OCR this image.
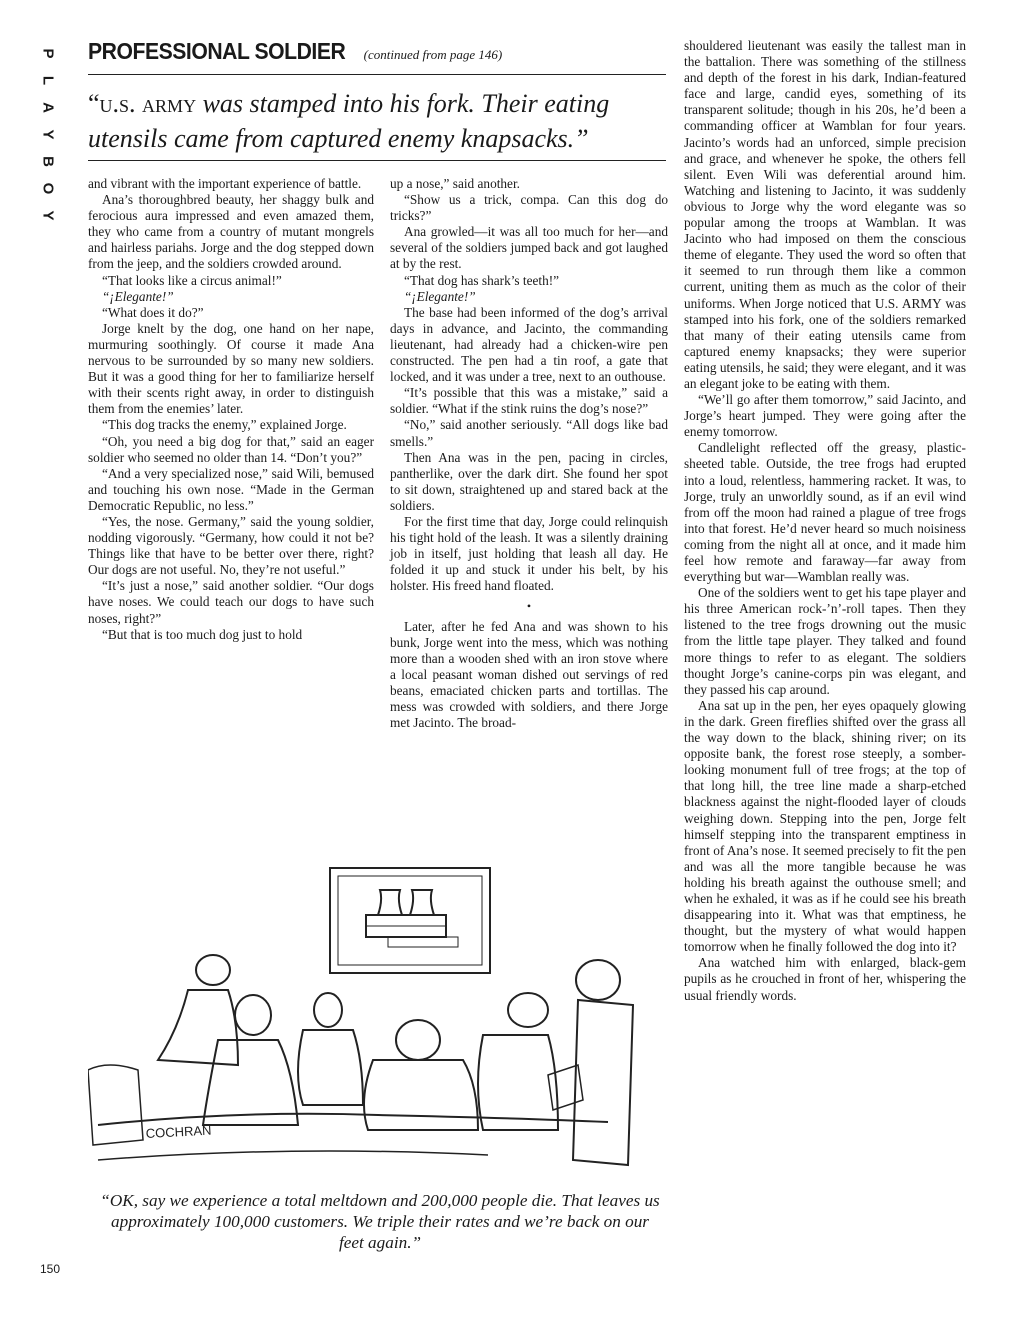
P
L
A
Y
B
O
Y
PROFESSIONAL SOLDIER (continued from page 146)
“u.s. army was stamped into his fork. Their eating utensils came from captured enemy knapsacks.”

and vibrant with the important experience of battle.

Ana’s thoroughbred beauty, her shaggy bulk and ferocious aura impressed and even amazed them, they who came from a country of mutant mongrels and hairless pariahs. Jorge and the dog stepped down from the jeep, and the soldiers crowded around.

“That looks like a circus animal!”

“¡Elegante!”

“What does it do?”

Jorge knelt by the dog, one hand on her nape, murmuring soothingly. Of course it made Ana nervous to be surrounded by so many new soldiers. But it was a good thing for her to familiarize herself with their scents right away, in order to distinguish them from the enemies’ later.

“This dog tracks the enemy,” explained Jorge.

“Oh, you need a big dog for that,” said an eager soldier who seemed no older than 14. “Don’t you?”

“And a very specialized nose,” said Wili, bemused and touching his own nose. “Made in the German Democratic Republic, no less.”

“Yes, the nose. Germany,” said the young soldier, nodding vigorously. “Germany, how could it not be? Things like that have to be better over there, right? Our dogs are not useful. No, they’re not useful.”

“It’s just a nose,” said another soldier. “Our dogs have noses. We could teach our dogs to have such noses, right?”

“But that is too much dog just to hold

up a nose,” said another.

“Show us a trick, compa. Can this dog do tricks?”

Ana growled—it was all too much for her—and several of the soldiers jumped back and got laughed at by the rest.

“That dog has shark’s teeth!”

“¡Elegante!”

The base had been informed of the dog’s arrival days in advance, and Jacinto, the commanding lieutenant, had already had a chicken-wire pen constructed. The pen had a tin roof, a gate that locked, and it was under a tree, next to an outhouse.

“It’s possible that this was a mistake,” said a soldier. “What if the stink ruins the dog’s nose?”

“No,” said another seriously. “All dogs like bad smells.”

Then Ana was in the pen, pacing in circles, pantherlike, over the dark dirt. She found her spot to sit down, straightened up and stared back at the soldiers.

For the first time that day, Jorge could relinquish his tight hold of the leash. It was a silently draining job in itself, just holding that leash all day. He folded it up and stuck it under his belt, by his holster. His freed hand floated.

•

Later, after he fed Ana and was shown to his bunk, Jorge went into the mess, which was nothing more than a wooden shed with an iron stove where a local peasant woman dished out servings of red beans, emaciated chicken parts and tortillas. The mess was crowded with soldiers, and there Jorge met Jacinto. The broad-

shouldered lieutenant was easily the tallest man in the battalion. There was something of the stillness and depth of the forest in his dark, Indian-featured face and large, candid eyes, something of its transparent solitude; though in his 20s, he’d been a commanding officer at Wamblan for four years. Jacinto’s words had an unforced, simple precision and grace, and whenever he spoke, the others fell silent. Even Wili was deferential around him. Watching and listening to Jacinto, it was suddenly obvious to Jorge why the word elegante was so popular among the troops at Wamblan. It was Jacinto who had imposed on them the conscious theme of elegante. They used the word so often that it seemed to run through them like a common current, uniting them as much as the color of their uniforms. When Jorge noticed that U.S. ARMY was stamped into his fork, one of the soldiers remarked that many of their eating utensils came from captured enemy knapsacks; they were superior eating utensils, he said; they were elegant, and it was an elegant joke to be eating with them.

“We’ll go after them tomorrow,” said Jacinto, and Jorge’s heart jumped. They were going after the enemy tomorrow.

Candlelight reflected off the greasy, plastic-sheeted table. Outside, the tree frogs had erupted into a loud, relentless, hammering racket. It was, to Jorge, truly an unworldly sound, as if an evil wind from off the moon had rained a plague of tree frogs into that forest. He’d never heard so much noisiness coming from the night all at once, and it made him feel how remote and faraway—far away from everything but war—Wamblan really was.

One of the soldiers went to get his tape player and his three American rock-’n’-roll tapes. Then they listened to the tree frogs drowning out the music from the little tape player. They talked and found more things to refer to as elegant. The soldiers thought Jorge’s canine-corps pin was elegant, and they passed his cap around.

Ana sat up in the pen, her eyes opaquely glowing in the dark. Green fireflies shifted over the grass all the way down to the black, shining river; on its opposite bank, the forest rose steeply, a somber-looking monument full of tree frogs; at the top of that long hill, the tree line made a sharp-etched blackness against the night-flooded layer of clouds weighing down. Stepping into the pen, Jorge felt himself stepping into the transparent emptiness in front of Ana’s nose. It seemed precisely to fit the pen and was all the more tangible because he was holding his breath against the outhouse smell; and when he exhaled, it was as if he could see his breath disappearing into it. What was that emptiness, he thought, but the mystery of what would happen tomorrow when he finally followed the dog into it?

Ana watched him with enlarged, black-gem pupils as he crouched in front of her, whispering the usual friendly words.

COCHRAN
“OK, say we experience a total meltdown and 200,000 people die. That leaves us approximately 100,000 customers. We triple their rates and we’re back on our feet again.”
150
